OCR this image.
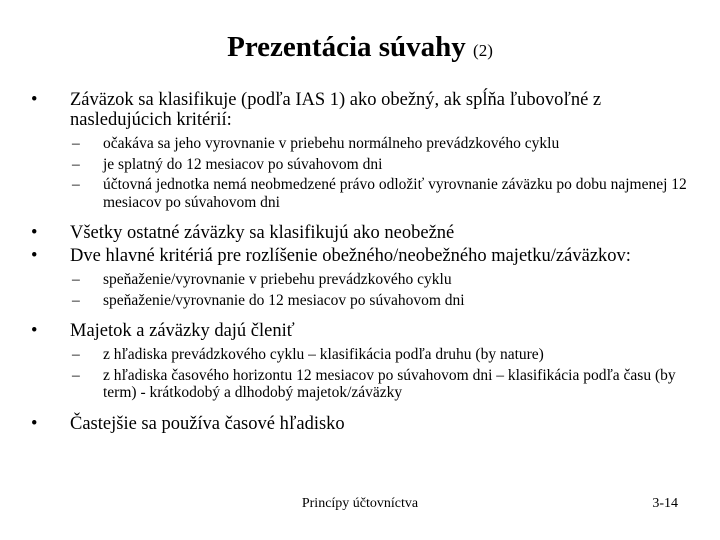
Prezentácia súvahy (2)
• Záväzok sa klasifikuje (podľa IAS 1) ako obežný, ak spĺňa ľubovoľné z nasledujúcich kritérií:
– očakáva sa jeho vyrovnanie v priebehu normálneho prevádzkového cyklu
– je splatný do 12 mesiacov po súvahovom dni
– účtovná jednotka nemá neobmedzené právo odložiť vyrovnanie záväzku po dobu najmenej 12 mesiacov po súvahovom dni
• Všetky ostatné záväzky sa klasifikujú ako neobežné
• Dve hlavné kritériá pre rozlíšenie obežného/neobežného majetku/záväzkov:
– speňaženie/vyrovnanie v priebehu prevádzkového cyklu
– speňaženie/vyrovnanie do 12 mesiacov po súvahovom dni
• Majetok a záväzky dajú členiť
– z hľadiska prevádzkového cyklu – klasifikácia podľa druhu (by nature)
– z hľadiska časového horizontu 12 mesiacov po súvahovom dni – klasifikácia podľa času (by term) - krátkodobý a dlhodobý majetok/záväzky
• Častejšie sa používa časové hľadisko
Princípy účtovníctva	3-14
